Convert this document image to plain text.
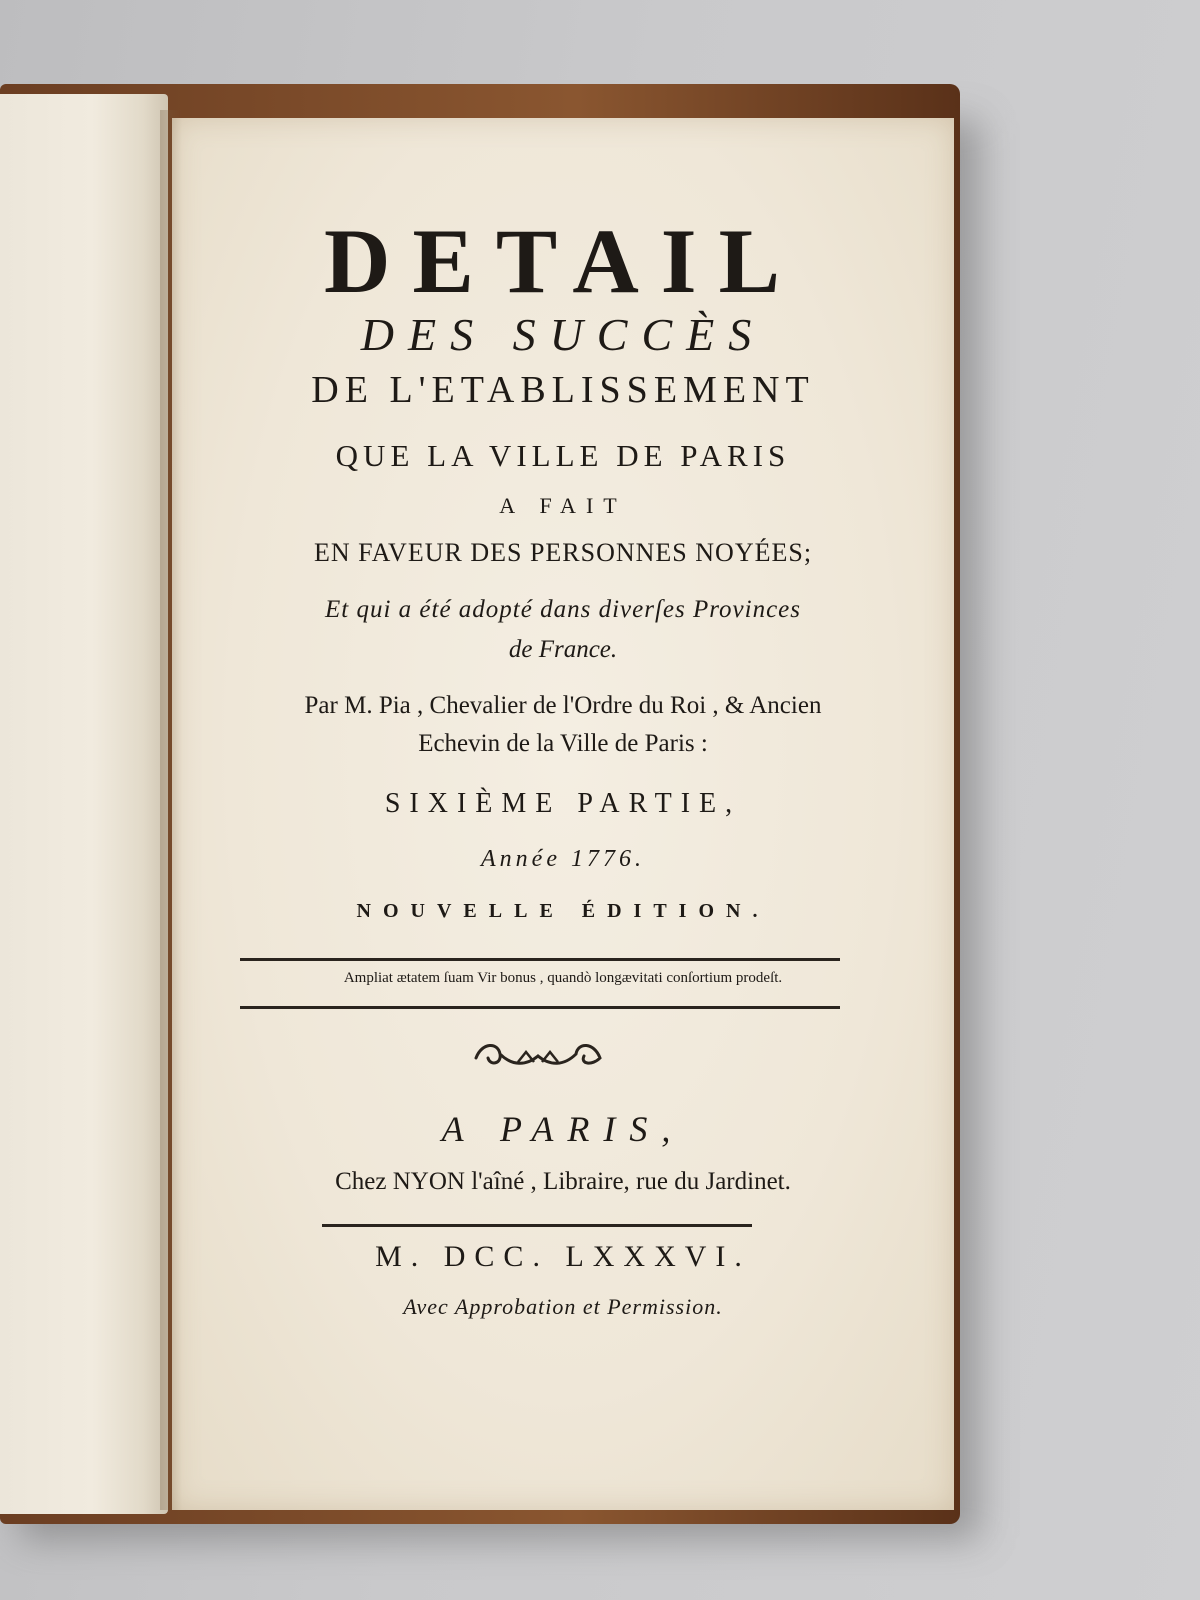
DETAIL
DES SUCCÈS
DE L'ETABLISSEMENT
QUE LA VILLE DE PARIS
A FAIT
EN FAVEUR DES PERSONNES NOYÉES;
Et qui a été adopté dans diverſes Provinces
de France.
Par M. Pia , Chevalier de l'Ordre du Roi , & Ancien
Echevin de la Ville de Paris :
SIXIÈME PARTIE,
Année 1776.
NOUVELLE ÉDITION.
Ampliat ætatem ſuam Vir bonus , quandò longævitati conſortium prodeſt.
A PARIS,
Chez NYON l'aîné , Libraire, rue du Jardinet.
M. DCC. LXXXVI.
Avec Approbation et Permission.
